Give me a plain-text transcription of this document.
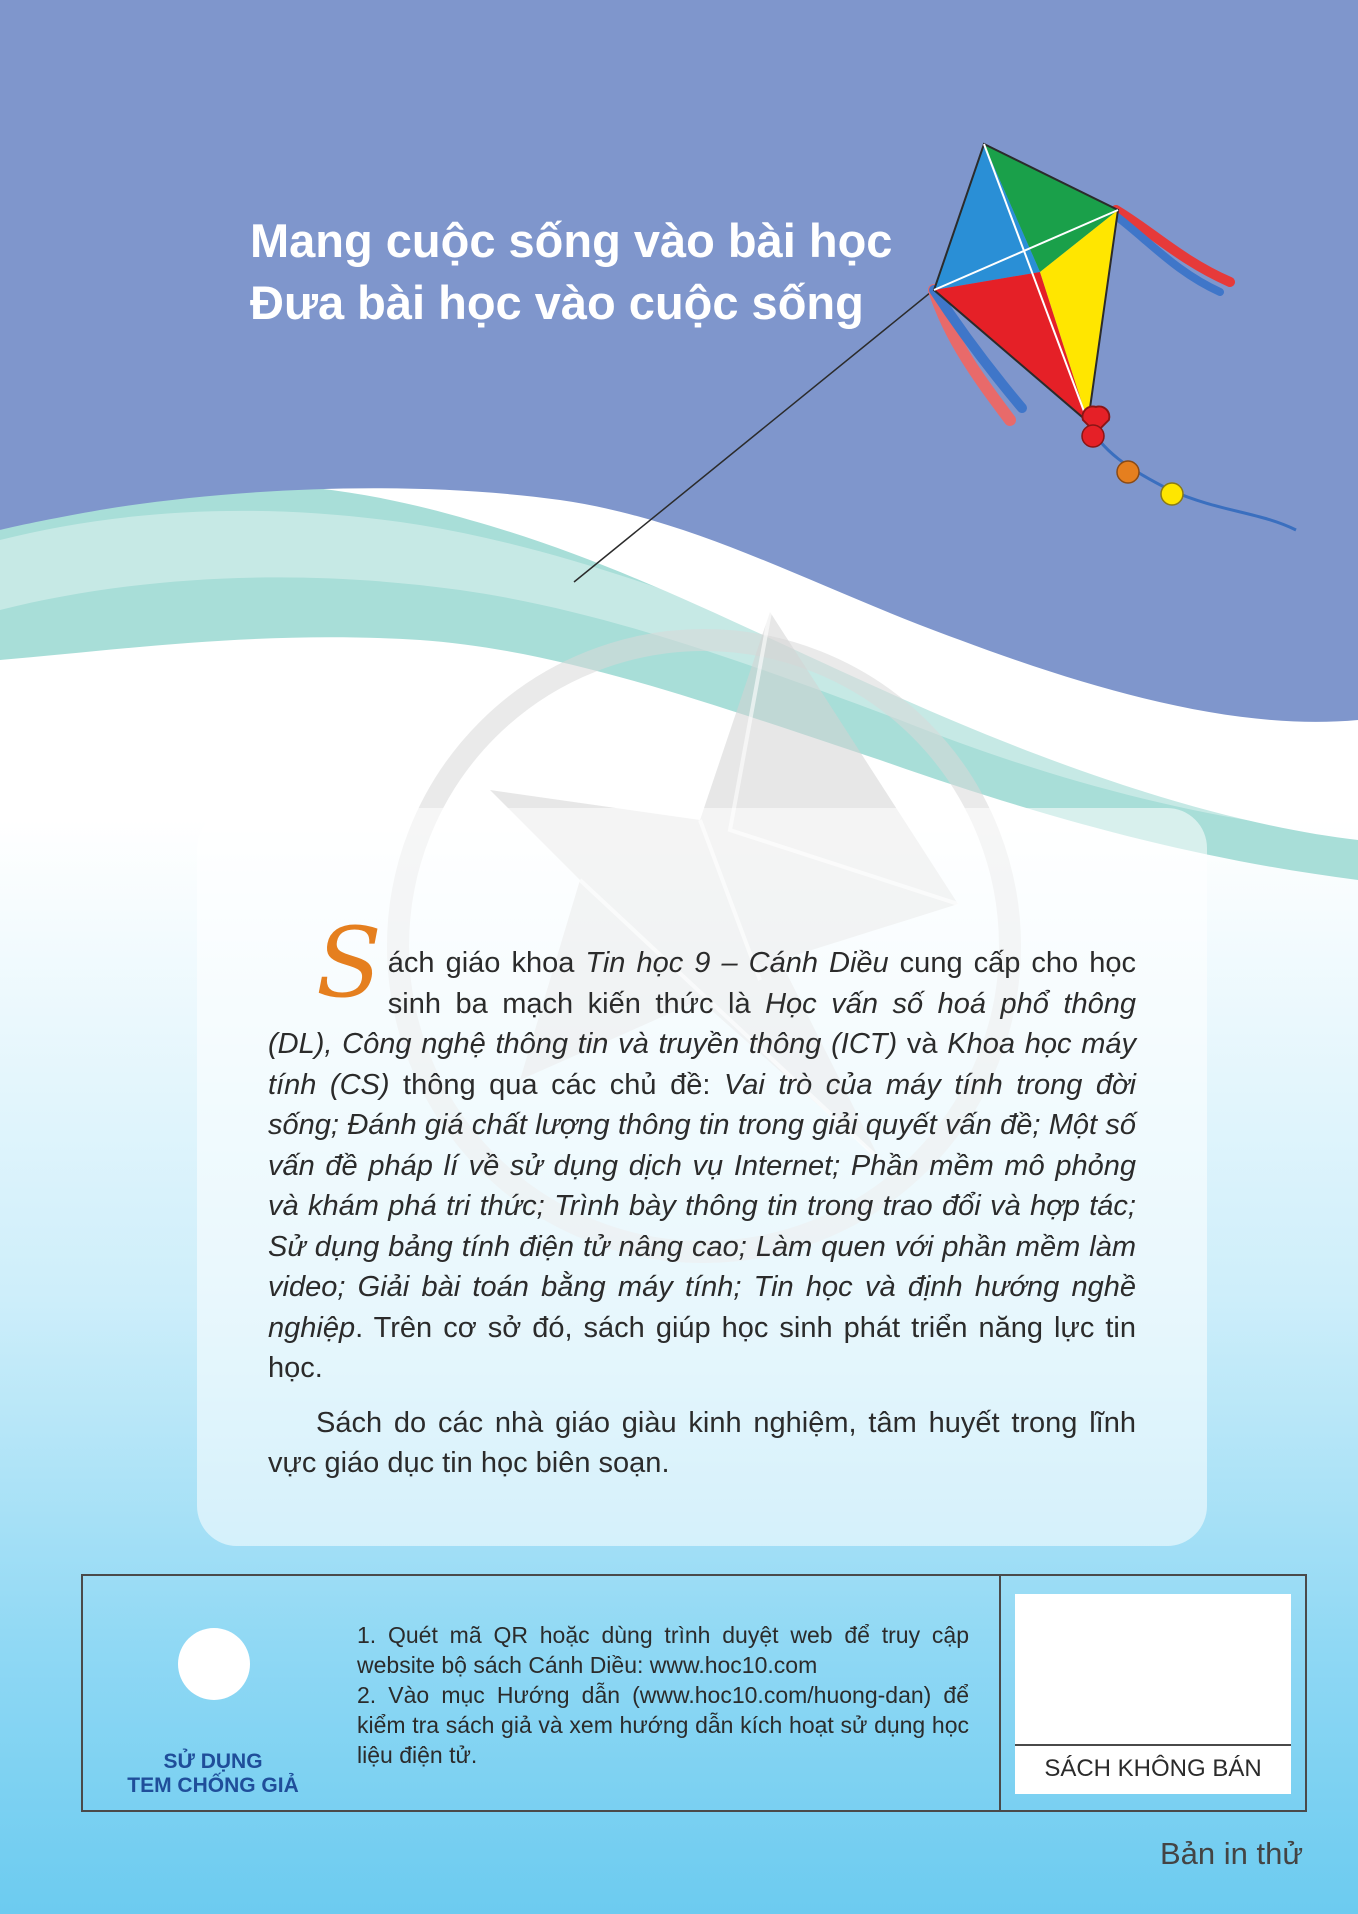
Mang cuộc sống vào bài học
Đưa bài học vào cuộc sống

Sách giáo khoa Tin học 9 – Cánh Diều cung cấp cho học sinh ba mạch kiến thức là Học vấn số hoá phổ thông (DL), Công nghệ thông tin và truyền thông (ICT) và Khoa học máy tính (CS) thông qua các chủ đề: Vai trò của máy tính trong đời sống; Đánh giá chất lượng thông tin trong giải quyết vấn đề; Một số vấn đề pháp lí về sử dụng dịch vụ Internet; Phần mềm mô phỏng và khám phá tri thức; Trình bày thông tin trong trao đổi và hợp tác; Sử dụng bảng tính điện tử nâng cao; Làm quen với phần mềm làm video; Giải bài toán bằng máy tính; Tin học và định hướng nghề nghiệp. Trên cơ sở đó, sách giúp học sinh phát triển năng lực tin học.

Sách do các nhà giáo giàu kinh nghiệm, tâm huyết trong lĩnh vực giáo dục tin học biên soạn.

SỬ DỤNG
TEM CHỐNG GIẢ
1. Quét mã QR hoặc dùng trình duyệt web để truy cập website bộ sách Cánh Diều: www.hoc10.com
2. Vào mục Hướng dẫn (www.hoc10.com/huong-dan) để kiểm tra sách giả và xem hướng dẫn kích hoạt sử dụng học liệu điện tử.	SÁCH KHÔNG BÁN
Bản in thử
